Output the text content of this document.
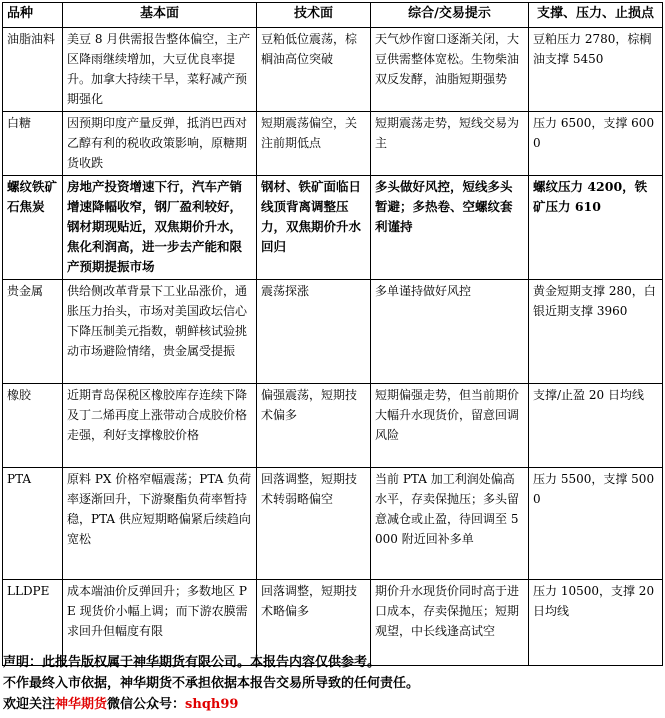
品种	基本面	技术面	综合/交易提示	支撑、压力、止损点
油脂油料	美豆 8 月供需报告整体偏空，主产区降雨继续增加，大豆优良率提升。加拿大持续干旱，菜籽减产预期强化	豆粕低位震荡，棕榈油高位突破	天气炒作窗口逐渐关闭，大豆供需整体宽松。生物柴油双反发酵，油脂短期强势	豆粕压力 2780，棕榈油支撑 5450
白糖	因预期印度产量反弹，抵消巴西对乙醇有利的税收政策影响，原糖期货收跌	短期震荡偏空，关注前期低点	短期震荡走势，短线交易为主	压力 6500，支撑 6000
螺纹铁矿石焦炭	房地产投资增速下行，汽车产销增速降幅收窄，钢厂盈利较好，钢材期现贴近，双焦期价升水，焦化利润高，进一步去产能和限产预期提振市场	钢材、铁矿面临日线顶背离调整压力，双焦期价升水回归	多头做好风控，短线多头暂避；多热卷、空螺纹套利谨持	螺纹压力 4200，铁矿压力 610
贵金属	供给侧改革背景下工业品涨价，通胀压力抬头，市场对美国政坛信心下降压制美元指数，朝鲜核试验挑动市场避险情绪，贵金属受提振	震荡探涨	多单谨持做好风控	黄金短期支撑 280，白银近期支撑 3960
橡胶	近期青岛保税区橡胶库存连续下降及丁二烯再度上涨带动合成胶价格走强，利好支撑橡胶价格	偏强震荡，短期技术偏多	短期偏强走势，但当前期价大幅升水现货价，留意回调风险	支撑/止盈 20 日均线
PTA	原料 PX 价格窄幅震荡；PTA 负荷率逐渐回升，下游聚酯负荷率暂持稳，PTA 供应短期略偏紧后续趋向宽松	回落调整，短期技术转弱略偏空	当前 PTA 加工利润处偏高水平，存卖保抛压；多头留意减仓或止盈，待回调至 5000 附近回补多单	压力 5500，支撑 5000
LLDPE	成本端油价反弹回升；多数地区 PE 现货价小幅上调；而下游农膜需求回升但幅度有限	回落调整，短期技术略偏多	期价升水现货价同时高于进口成本，存卖保抛压；短期观望，中长线逢高试空	压力 10500，支撑 20 日均线
声明：此报告版权属于神华期货有限公司。本报告内容仅供参考。
不作最终入市依据，神华期货不承担依据本报告交易所导致的任何责任。
欢迎关注神华期货微信公众号：shqh99
